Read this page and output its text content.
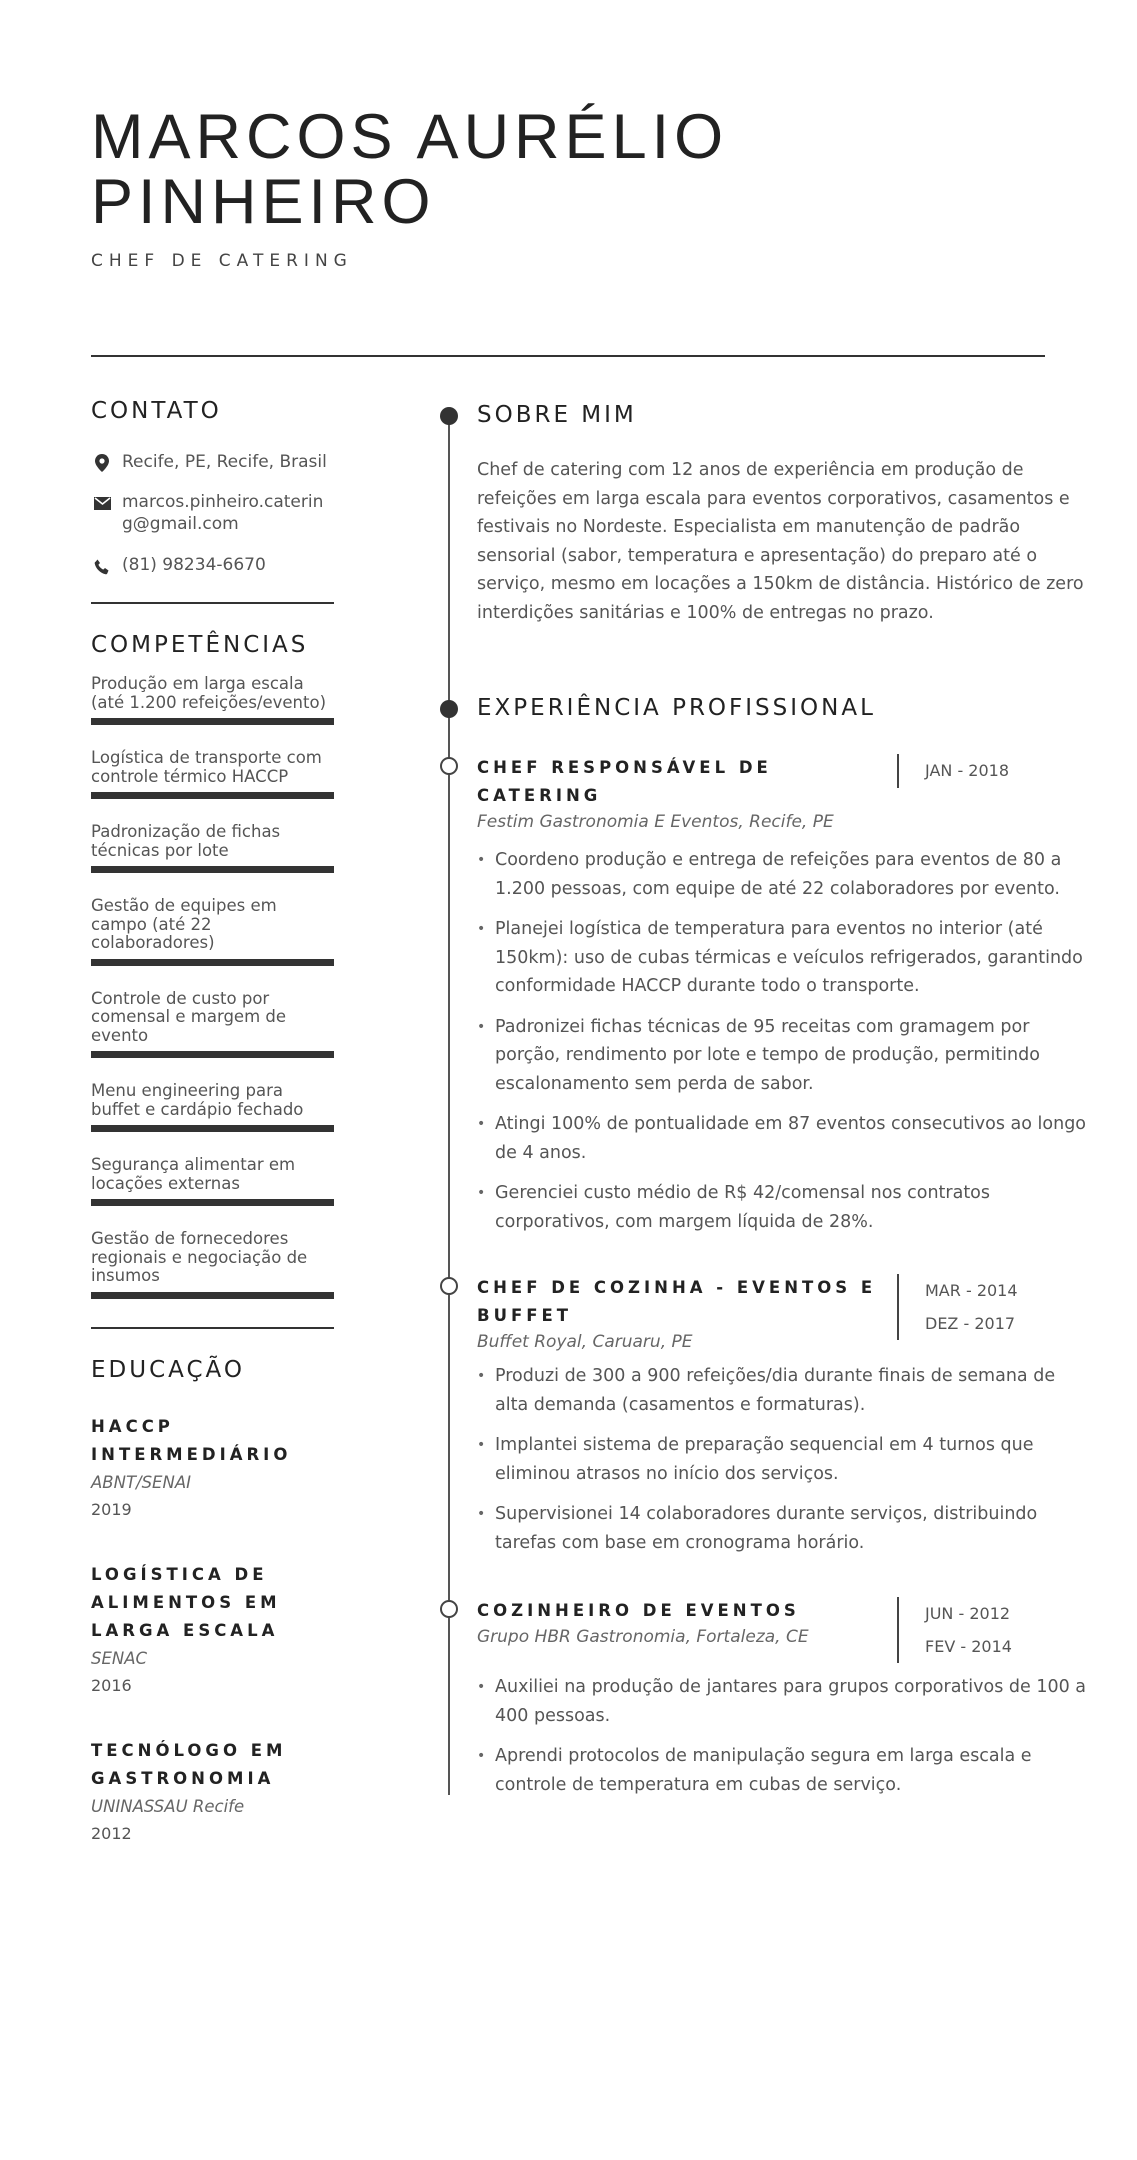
MARCOS AURÉLIO
PINHEIRO
CHEF DE CATERING
CONTATO
Recife, PE, Recife, Brasil
marcos.pinheiro.catering@gmail.com
(81) 98234-6670
COMPETÊNCIAS
Produção em larga escala (até 1.200 refeições/evento)
Logística de transporte com controle térmico HACCP
Padronização de fichas técnicas por lote
Gestão de equipes em campo (até 22 colaboradores)
Controle de custo por comensal e margem de evento
Menu engineering para buffet e cardápio fechado
Segurança alimentar em locações externas
Gestão de fornecedores regionais e negociação de insumos
EDUCAÇÃO
HACCP INTERMEDIÁRIO
ABNT/SENAI
2019
LOGÍSTICA DE ALIMENTOS EM LARGA ESCALA
SENAC
2016
TECNÓLOGO EM GASTRONOMIA
UNINASSAU Recife
2012
SOBRE MIM
Chef de catering com 12 anos de experiência em produção de refeições em larga escala para eventos corporativos, casamentos e festivais no Nordeste. Especialista em manutenção de padrão sensorial (sabor, temperatura e apresentação) do preparo até o serviço, mesmo em locações a 150km de distância. Histórico de zero interdições sanitárias e 100% de entregas no prazo.
EXPERIÊNCIA PROFISSIONAL
CHEF RESPONSÁVEL DE CATERING
Festim Gastronomia E Eventos, Recife, PE
JAN - 2018
• Coordeno produção e entrega de refeições para eventos de 80 a 1.200 pessoas, com equipe de até 22 colaboradores por evento.
• Planejei logística de temperatura para eventos no interior (até 150km): uso de cubas térmicas e veículos refrigerados, garantindo conformidade HACCP durante todo o transporte.
• Padronizei fichas técnicas de 95 receitas com gramagem por porção, rendimento por lote e tempo de produção, permitindo escalonamento sem perda de sabor.
• Atingi 100% de pontualidade em 87 eventos consecutivos ao longo de 4 anos.
• Gerenciei custo médio de R$ 42/comensal nos contratos corporativos, com margem líquida de 28%.
CHEF DE COZINHA - EVENTOS E BUFFET
Buffet Royal, Caruaru, PE
MAR - 2014
DEZ - 2017
• Produzi de 300 a 900 refeições/dia durante finais de semana de alta demanda (casamentos e formaturas).
• Implantei sistema de preparação sequencial em 4 turnos que eliminou atrasos no início dos serviços.
• Supervisionei 14 colaboradores durante serviços, distribuindo tarefas com base em cronograma horário.
COZINHEIRO DE EVENTOS
Grupo HBR Gastronomia, Fortaleza, CE
JUN - 2012
FEV - 2014
• Auxiliei na produção de jantares para grupos corporativos de 100 a 400 pessoas.
• Aprendi protocolos de manipulação segura em larga escala e controle de temperatura em cubas de serviço.
